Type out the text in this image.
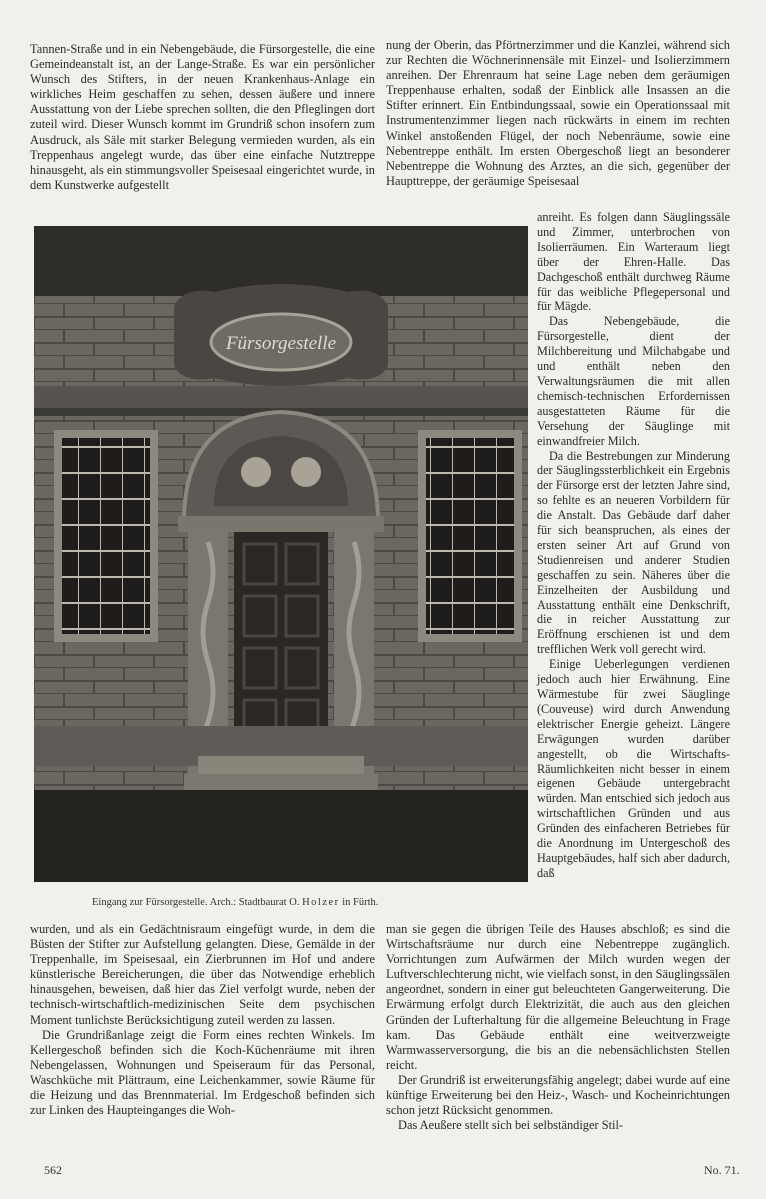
Tannen-Straße und in ein Nebengebäude, die Fürsorgestelle, die eine Gemeindeanstalt ist, an der Lange-Straße. Es war ein persönlicher Wunsch des Stifters, in der neuen Krankenhaus-Anlage ein wirkliches Heim geschaffen zu sehen, dessen äußere und innere Ausstattung von der Liebe sprechen sollten, die den Pfleglingen dort zuteil wird. Dieser Wunsch kommt im Grundriß schon insofern zum Ausdruck, als Säle mit starker Belegung vermieden wurden, als ein Treppenhaus angelegt wurde, das über eine einfache Nutztreppe hinausgeht, als ein stimmungsvoller Speisesaal eingerichtet wurde, in dem Kunstwerke aufgestellt

nung der Oberin, das Pförtnerzimmer und die Kanzlei, während sich zur Rechten die Wöchnerinnensäle mit Einzel- und Isolierzimmern anreihen. Der Ehrenraum hat seine Lage neben dem geräumigen Treppenhause erhalten, sodaß der Einblick alle Insassen an die Stifter erinnert. Ein Entbindungssaal, sowie ein Operationssaal mit Instrumentenzimmer liegen nach rückwärts in einem im rechten Winkel anstoßenden Flügel, der noch Nebenräume, sowie eine Nebentreppe enthält. Im ersten Obergeschoß liegt an besonderer Nebentreppe die Wohnung des Arztes, an die sich, gegenüber der Haupttreppe, der geräumige Speisesaal

Fürsorgestelle
Eingang zur Fürsorgestelle. Arch.: Stadtbaurat O. Holzer in Fürth.

anreiht. Es folgen dann Säuglingssäle und Zimmer, unterbrochen von Isolierräumen. Ein Warteraum liegt über der Ehren-Halle. Das Dachgeschoß enthält durchweg Räume für das weibliche Pflegepersonal und für Mägde.

Das Nebengebäude, die Fürsorgestelle, dient der Milchbereitung und Milchabgabe und und enthält neben den Verwaltungsräumen die mit allen chemisch-technischen Erfordernissen ausgestatteten Räume für die Versehung der Säuglinge mit einwandfreier Milch.

Da die Bestrebungen zur Minderung der Säuglingssterblichkeit ein Ergebnis der Fürsorge erst der letzten Jahre sind, so fehlte es an neueren Vorbildern für die Anstalt. Das Gebäude darf daher für sich beanspruchen, als eines der ersten seiner Art auf Grund von Studienreisen und anderer Studien geschaffen zu sein. Näheres über die Einzelheiten der Ausbildung und Ausstattung enthält eine Denkschrift, die in reicher Ausstattung zur Eröffnung erschienen ist und dem trefflichen Werk voll gerecht wird.

Einige Ueberlegungen verdienen jedoch auch hier Erwähnung. Eine Wärmestube für zwei Säuglinge (Couveuse) wird durch Anwendung elektrischer Energie geheizt. Längere Erwägungen wurden darüber angestellt, ob die Wirtschafts-Räumlichkeiten nicht besser in einem eigenen Gebäude untergebracht würden. Man entschied sich jedoch aus wirtschaftlichen Gründen und aus Gründen des einfacheren Betriebes für die Anordnung im Untergeschoß des Hauptgebäudes, half sich aber dadurch, daß

wurden, und als ein Gedächtnisraum eingefügt wurde, in dem die Büsten der Stifter zur Aufstellung gelangten. Diese, Gemälde in der Treppenhalle, im Speisesaal, ein Zierbrunnen im Hof und andere künstlerische Bereicherungen, die über das Notwendige erheblich hinausgehen, beweisen, daß hier das Ziel verfolgt wurde, neben der technisch-wirtschaftlich-medizinischen Seite dem psychischen Moment tunlichste Berücksichtigung zuteil werden zu lassen.

Die Grundrißanlage zeigt die Form eines rechten Winkels. Im Kellergeschoß befinden sich die Koch-Küchenräume mit ihren Nebengelassen, Wohnungen und Speiseraum für das Personal, Waschküche mit Plättraum, eine Leichenkammer, sowie Räume für die Heizung und das Brennmaterial. Im Erdgeschoß befinden sich zur Linken des Haupteinganges die Woh-

man sie gegen die übrigen Teile des Hauses abschloß; es sind die Wirtschaftsräume nur durch eine Nebentreppe zugänglich. Vorrichtungen zum Aufwärmen der Milch wurden wegen der Luftverschlechterung nicht, wie vielfach sonst, in den Säuglingssälen angeordnet, sondern in einer gut beleuchteten Gangerweiterung. Die Erwärmung erfolgt durch Elektrizität, die auch aus den gleichen Gründen der Lufterhaltung für die allgemeine Beleuchtung in Frage kam. Das Gebäude enthält eine weitverzweigte Warmwasserversorgung, die bis an die nebensächlichsten Stellen reicht.

Der Grundriß ist erweiterungsfähig angelegt; dabei wurde auf eine künftige Erweiterung bei den Heiz-, Wasch- und Kocheinrichtungen schon jetzt Rücksicht genommen.

Das Aeußere stellt sich bei selbständiger Stil-

562	No. 71.
